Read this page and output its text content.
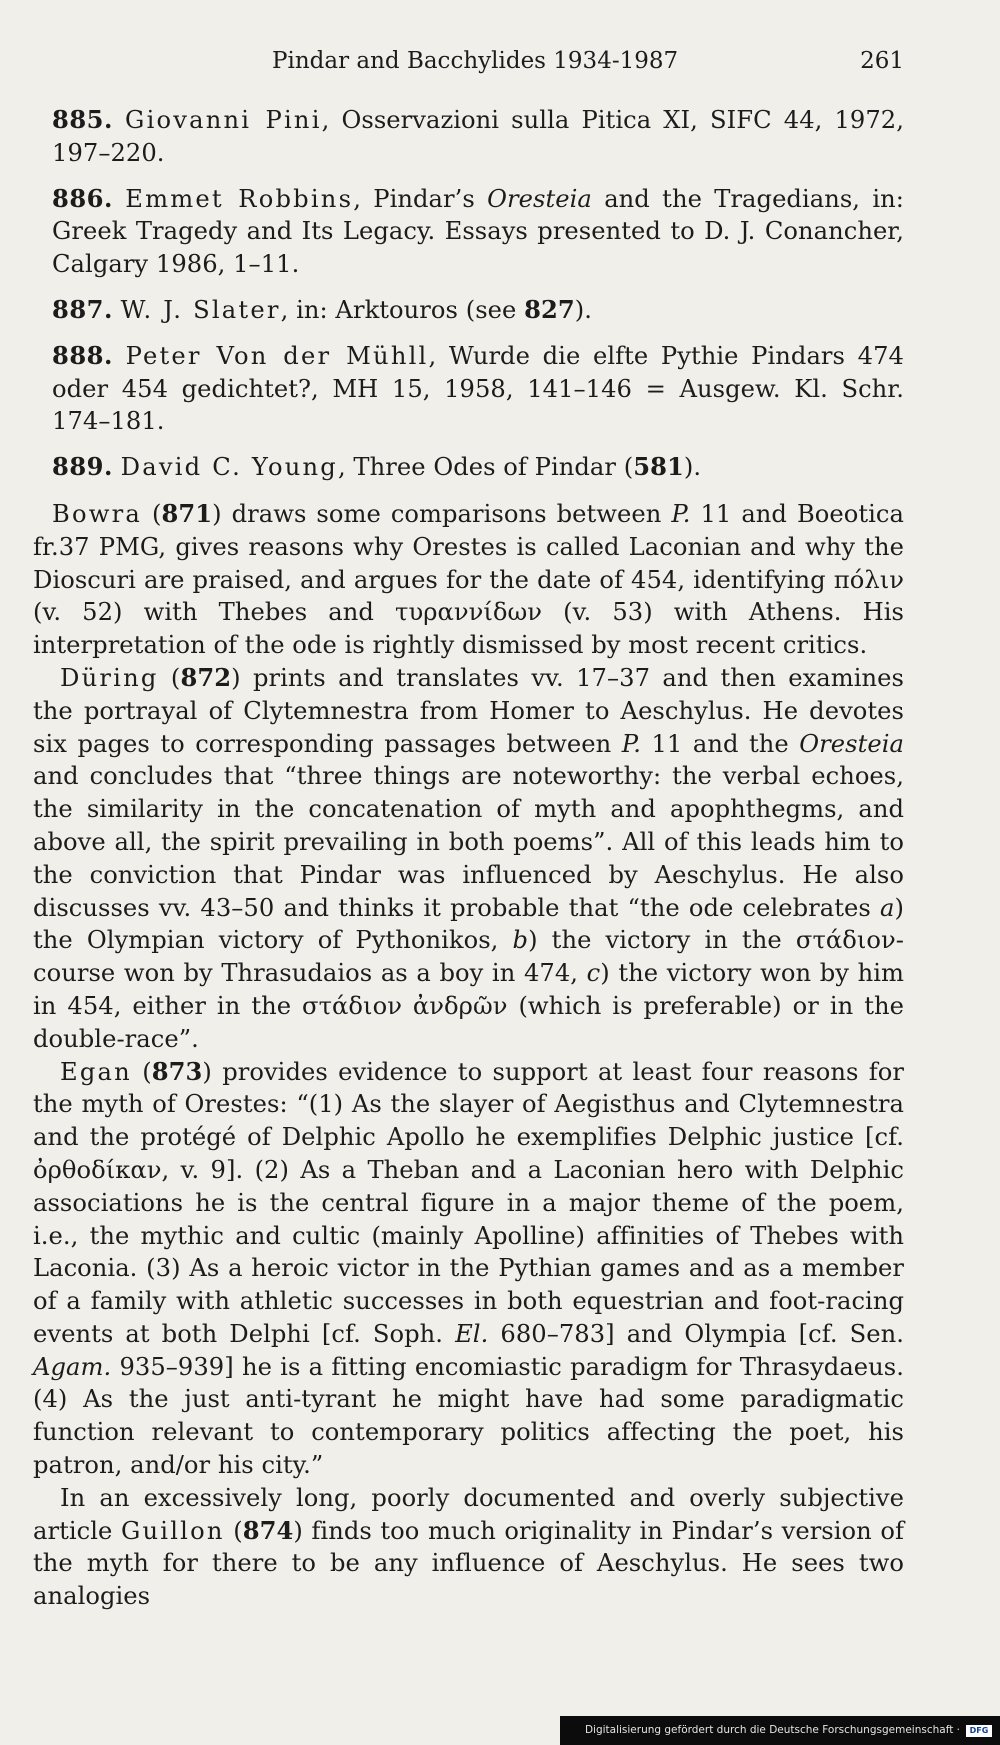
Pindar and Bacchylides 1934-1987	261

885. Giovanni Pini, Osservazioni sulla Pitica XI, SIFC 44, 1972, 197–220.

886. Emmet Robbins, Pindar’s Oresteia and the Tragedians, in: Greek Tragedy and Its Legacy. Essays presented to D. J. Conancher, Calgary 1986, 1–11.

887. W. J. Slater, in: Arktouros (see 827).

888. Peter Von der Mühll, Wurde die elfte Pythie Pindars 474 oder 454 gedichtet?, MH 15, 1958, 141–146 = Ausgew. Kl. Schr. 174–181.

889. David C. Young, Three Odes of Pindar (581).

Bowra (871) draws some comparisons between P. 11 and Boeotica fr.37 PMG, gives reasons why Orestes is called Laconian and why the Dioscuri are praised, and argues for the date of 454, identifying πόλιν (v. 52) with Thebes and τυραννίδων (v. 53) with Athens. His interpretation of the ode is rightly dismissed by most recent critics.

Düring (872) prints and translates vv. 17–37 and then examines the portrayal of Clytemnestra from Homer to Aeschylus. He devotes six pages to corresponding passages between P. 11 and the Oresteia and concludes that “three things are noteworthy: the verbal echoes, the similarity in the concatenation of myth and apophthegms, and above all, the spirit prevailing in both poems”. All of this leads him to the conviction that Pindar was influenced by Aeschylus. He also discusses vv. 43–50 and thinks it probable that “the ode celebrates a) the Olympian victory of Pythonikos, b) the victory in the στάδιον-course won by Thrasudaios as a boy in 474, c) the victory won by him in 454, either in the στάδιον ἀνδρῶν (which is preferable) or in the double-race”.

Egan (873) provides evidence to support at least four reasons for the myth of Orestes: “(1) As the slayer of Aegisthus and Clytemnestra and the protégé of Delphic Apollo he exemplifies Delphic justice [cf. ὀρθοδίκαν, v. 9]. (2) As a Theban and a Laconian hero with Delphic associations he is the central figure in a major theme of the poem, i.e., the mythic and cultic (mainly Apolline) affinities of Thebes with Laconia. (3) As a heroic victor in the Pythian games and as a member of a family with athletic successes in both equestrian and foot-racing events at both Delphi [cf. Soph. El. 680–783] and Olympia [cf. Sen. Agam. 935–939] he is a fitting encomiastic paradigm for Thrasydaeus. (4) As the just anti-tyrant he might have had some paradigmatic function relevant to contemporary politics affecting the poet, his patron, and/or his city.”

In an excessively long, poorly documented and overly subjective article Guillon (874) finds too much originality in Pindar’s version of the myth for there to be any influence of Aeschylus. He sees two analogies

Digitalisierung gefördert durch die Deutsche Forschungsgemeinschaft ·	DFG
